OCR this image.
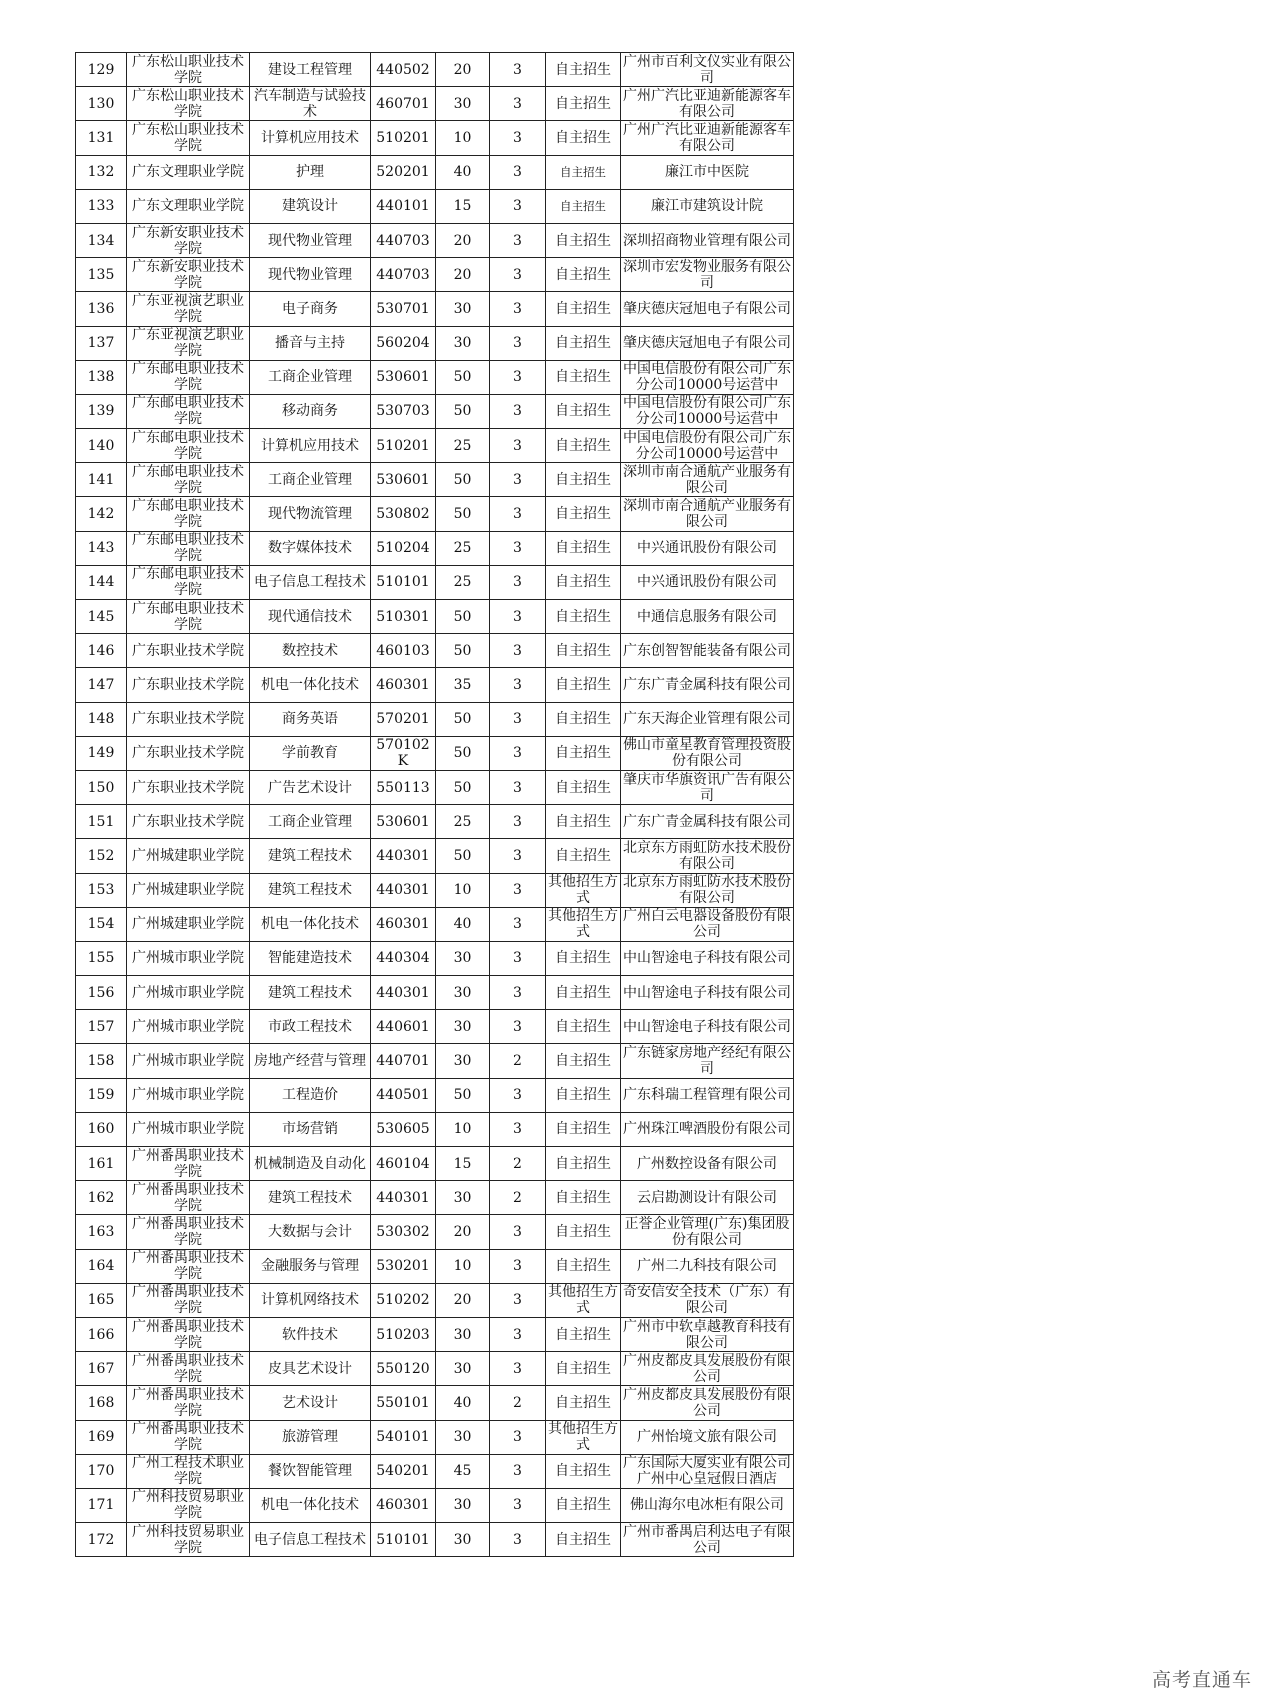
129	广东松山职业技术学院	建设工程管理	440502	20	3	自主招生	广州市百利文仪实业有限公司
130	广东松山职业技术学院	汽车制造与试验技术	460701	30	3	自主招生	广州广汽比亚迪新能源客车有限公司
131	广东松山职业技术学院	计算机应用技术	510201	10	3	自主招生	广州广汽比亚迪新能源客车有限公司
132	广东文理职业学院	护理	520201	40	3	自主招生	廉江市中医院
133	广东文理职业学院	建筑设计	440101	15	3	自主招生	廉江市建筑设计院
134	广东新安职业技术学院	现代物业管理	440703	20	3	自主招生	深圳招商物业管理有限公司
135	广东新安职业技术学院	现代物业管理	440703	20	3	自主招生	深圳市宏发物业服务有限公司
136	广东亚视演艺职业学院	电子商务	530701	30	3	自主招生	肇庆德庆冠旭电子有限公司
137	广东亚视演艺职业学院	播音与主持	560204	30	3	自主招生	肇庆德庆冠旭电子有限公司
138	广东邮电职业技术学院	工商企业管理	530601	50	3	自主招生	中国电信股份有限公司广东分公司10000号运营中
139	广东邮电职业技术学院	移动商务	530703	50	3	自主招生	中国电信股份有限公司广东分公司10000号运营中
140	广东邮电职业技术学院	计算机应用技术	510201	25	3	自主招生	中国电信股份有限公司广东分公司10000号运营中
141	广东邮电职业技术学院	工商企业管理	530601	50	3	自主招生	深圳市南合通航产业服务有限公司
142	广东邮电职业技术学院	现代物流管理	530802	50	3	自主招生	深圳市南合通航产业服务有限公司
143	广东邮电职业技术学院	数字媒体技术	510204	25	3	自主招生	中兴通讯股份有限公司
144	广东邮电职业技术学院	电子信息工程技术	510101	25	3	自主招生	中兴通讯股份有限公司
145	广东邮电职业技术学院	现代通信技术	510301	50	3	自主招生	中通信息服务有限公司
146	广东职业技术学院	数控技术	460103	50	3	自主招生	广东创智智能装备有限公司
147	广东职业技术学院	机电一体化技术	460301	35	3	自主招生	广东广青金属科技有限公司
148	广东职业技术学院	商务英语	570201	50	3	自主招生	广东天海企业管理有限公司
149	广东职业技术学院	学前教育	570102K	50	3	自主招生	佛山市童星教育管理投资股份有限公司
150	广东职业技术学院	广告艺术设计	550113	50	3	自主招生	肇庆市华旗资讯广告有限公司
151	广东职业技术学院	工商企业管理	530601	25	3	自主招生	广东广青金属科技有限公司
152	广州城建职业学院	建筑工程技术	440301	50	3	自主招生	北京东方雨虹防水技术股份有限公司
153	广州城建职业学院	建筑工程技术	440301	10	3	其他招生方式	北京东方雨虹防水技术股份有限公司
154	广州城建职业学院	机电一体化技术	460301	40	3	其他招生方式	广州白云电器设备股份有限公司
155	广州城市职业学院	智能建造技术	440304	30	3	自主招生	中山智途电子科技有限公司
156	广州城市职业学院	建筑工程技术	440301	30	3	自主招生	中山智途电子科技有限公司
157	广州城市职业学院	市政工程技术	440601	30	3	自主招生	中山智途电子科技有限公司
158	广州城市职业学院	房地产经营与管理	440701	30	2	自主招生	广东链家房地产经纪有限公司
159	广州城市职业学院	工程造价	440501	50	3	自主招生	广东科瑞工程管理有限公司
160	广州城市职业学院	市场营销	530605	10	3	自主招生	广州珠江啤酒股份有限公司
161	广州番禺职业技术学院	机械制造及自动化	460104	15	2	自主招生	广州数控设备有限公司
162	广州番禺职业技术学院	建筑工程技术	440301	30	2	自主招生	云启勘测设计有限公司
163	广州番禺职业技术学院	大数据与会计	530302	20	3	自主招生	正誉企业管理(广东)集团股份有限公司
164	广州番禺职业技术学院	金融服务与管理	530201	10	3	自主招生	广州二九科技有限公司
165	广州番禺职业技术学院	计算机网络技术	510202	20	3	其他招生方式	奇安信安全技术（广东）有限公司
166	广州番禺职业技术学院	软件技术	510203	30	3	自主招生	广州市中软卓越教育科技有限公司
167	广州番禺职业技术学院	皮具艺术设计	550120	30	3	自主招生	广州皮都皮具发展股份有限公司
168	广州番禺职业技术学院	艺术设计	550101	40	2	自主招生	广州皮都皮具发展股份有限公司
169	广州番禺职业技术学院	旅游管理	540101	30	3	其他招生方式	广州怡境文旅有限公司
170	广州工程技术职业学院	餐饮智能管理	540201	45	3	自主招生	广东国际大厦实业有限公司广州中心皇冠假日酒店
171	广州科技贸易职业学院	机电一体化技术	460301	30	3	自主招生	佛山海尔电冰柜有限公司
172	广州科技贸易职业学院	电子信息工程技术	510101	30	3	自主招生	广州市番禺启利达电子有限公司
高考直通车
